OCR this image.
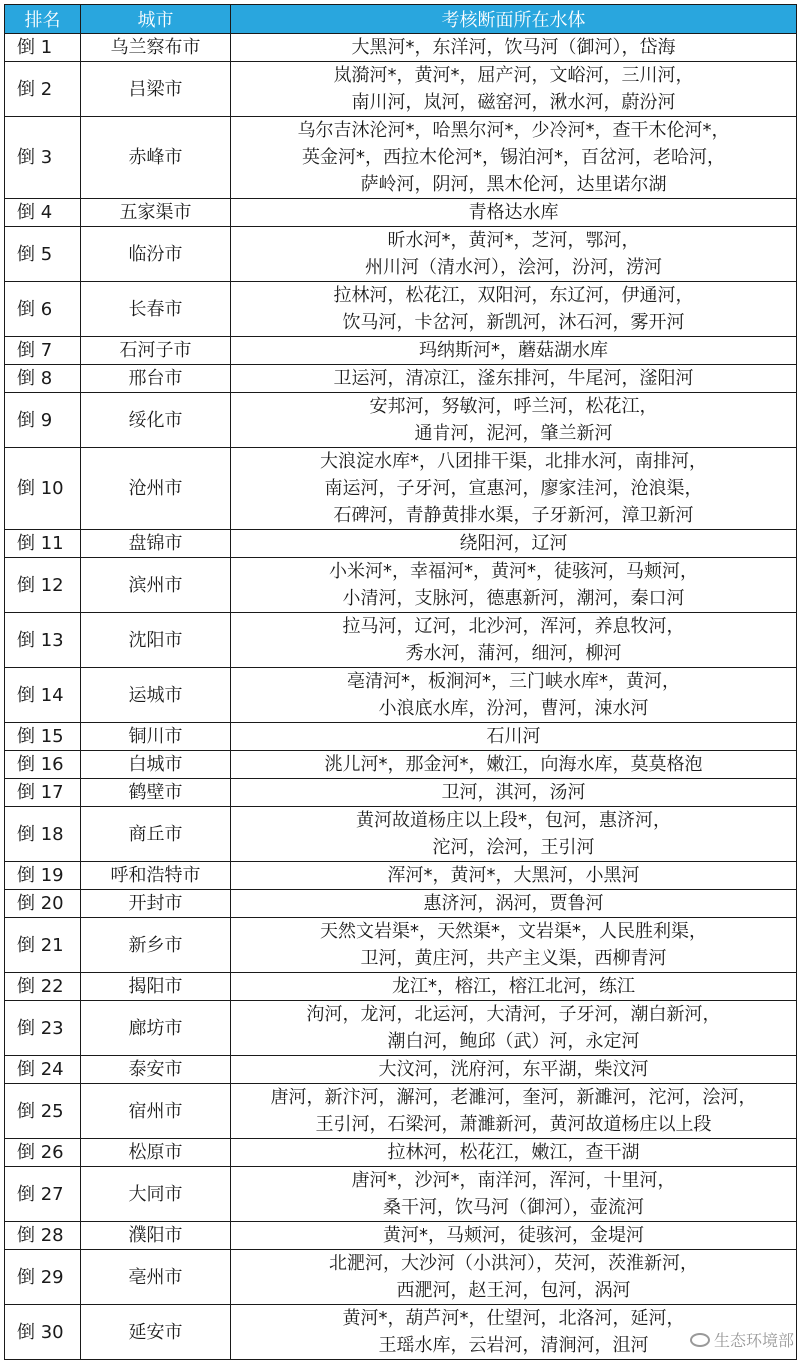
排名	城市	考核断面所在水体
倒 1	乌兰察布市	大黑河*，东洋河，饮马河（御河），岱海
倒 2	吕梁市	岚漪河*，黄河*，屈产河，文峪河，三川河，
南川河，岚河，磁窑河，湫水河，蔚汾河
倒 3	赤峰市	乌尔吉沐沦河*，哈黑尔河*，少冷河*，查干木伦河*，
英金河*，西拉木伦河*，锡泊河*，百岔河，老哈河，
萨岭河，阴河，黑木伦河，达里诺尔湖
倒 4	五家渠市	青格达水库
倒 5	临汾市	昕水河*，黄河*，芝河，鄂河，
州川河（清水河），浍河，汾河，涝河
倒 6	长春市	拉林河，松花江，双阳河，东辽河，伊通河，
饮马河，卡岔河，新凯河，沐石河，雾开河
倒 7	石河子市	玛纳斯河*，蘑菇湖水库
倒 8	邢台市	卫运河，清凉江，滏东排河，牛尾河，滏阳河
倒 9	绥化市	安邦河，努敏河，呼兰河，松花江，
通肯河，泥河，肇兰新河
倒 10	沧州市	大浪淀水库*，八团排干渠，北排水河，南排河，
南运河，子牙河，宣惠河，廖家洼河，沧浪渠，
石碑河，青静黄排水渠，子牙新河，漳卫新河
倒 11	盘锦市	绕阳河，辽河
倒 12	滨州市	小米河*，幸福河*，黄河*，徒骇河，马颊河，
小清河，支脉河，德惠新河，潮河，秦口河
倒 13	沈阳市	拉马河，辽河，北沙河，浑河，养息牧河，
秀水河，蒲河，细河，柳河
倒 14	运城市	亳清河*，板涧河*，三门峡水库*，黄河，
小浪底水库，汾河，曹河，涑水河
倒 15	铜川市	石川河
倒 16	白城市	洮儿河*，那金河*，嫩江，向海水库，莫莫格泡
倒 17	鹤壁市	卫河，淇河，汤河
倒 18	商丘市	黄河故道杨庄以上段*，包河，惠济河，
沱河，浍河，王引河
倒 19	呼和浩特市	浑河*，黄河*，大黑河，小黑河
倒 20	开封市	惠济河，涡河，贾鲁河
倒 21	新乡市	天然文岩渠*，天然渠*，文岩渠*，人民胜利渠，
卫河，黄庄河，共产主义渠，西柳青河
倒 22	揭阳市	龙江*，榕江，榕江北河，练江
倒 23	廊坊市	泃河，龙河，北运河，大清河，子牙河，潮白新河，
潮白河，鲍邱（武）河，永定河
倒 24	泰安市	大汶河，洸府河，东平湖，柴汶河
倒 25	宿州市	唐河，新汴河，澥河，老濉河，奎河，新濉河，沱河，浍河，
王引河，石梁河，萧濉新河，黄河故道杨庄以上段
倒 26	松原市	拉林河，松花江，嫩江，查干湖
倒 27	大同市	唐河*，沙河*，南洋河，浑河，十里河，
桑干河，饮马河（御河），壶流河
倒 28	濮阳市	黄河*，马颊河，徒骇河，金堤河
倒 29	亳州市	北淝河，大沙河（小洪河），芡河，茨淮新河，
西淝河，赵王河，包河，涡河
倒 30	延安市	黄河*，葫芦河*，仕望河，北洛河，延河，
王瑶水库，云岩河，清涧河，沮河	生态环境部
